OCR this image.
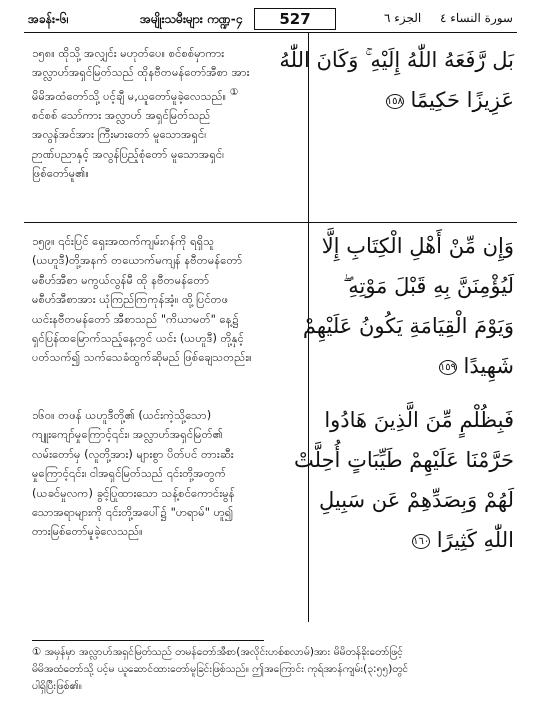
အခန်း-၆၊	အမျိုးသမီးများ ကဏ္ဍ-၄	527	الجزء ٦ سورة النساء ٤

၁၅၈။ ထိုသို့ အလျှင်း မဟုတ်ပေ။ စင်စစ်မှာကား

အလ္လာဟ်အရှင်မြတ်သည် ထိုနဗီတမန်တော်အီစာ အား

မိမိအထံတော်သို့ ပင့်ချီ မ,ယူတော်မူခဲ့လေသည်။ ①

စင်စစ် သော်ကား အလ္လာဟ် အရှင်မြတ်သည်

အလွန်အင်အား ကြီးမားတော် မူသောအရှင်၊

ဉာဏ်ပညာနှင့် အလွန်ပြည့်စုံတော် မူသောအရှင်၊

ဖြစ်တော်မူ၏။

بَل رَّفَعَهُ اللّٰهُ إِلَيْهِ ۚ وَكَانَ اللّٰهُ

عَزِيزًا حَكِيمًا ١٥٨

၁၅၉။ ၎င်းပြင် ရှေးအထက်ကျမ်းဂန်ကို ရရှိသူ

(ယဟူဒီ)တို့အနက် တယောက်မကျန် နဗီတမန်တော်

မစီဟ်အီစာ မကွယ်လွန်မီ ထို နဗီတမန်တော်

မစီဟ်အီစာအား ယုံကြည်ကြကုန်အံ့။ ထို့ပြင်တဖ

ယင်းနဗီတမန်တော် အီစာသည် "ကိယာမတ်" နေ့၌

ရှင်ပြန်ထမြောက်သည့်နေ့တွင် ယင်း (ယဟူဒီ) တို့နှင့်

ပတ်သက်၍ သက်သေခံထွက်ဆိုမည် ဖြစ်ချေသတည်း။

وَإِن مِّنْ أَهْلِ الْكِتَابِ إِلَّا

لَيُؤْمِنَنَّ بِهِ قَبْلَ مَوْتِهِ ۖ

وَيَوْمَ الْقِيَامَةِ يَكُونُ عَلَيْهِمْ

شَهِيدًا ١٥٩

၁၆၀။ တဖန် ယဟူဒီတို့၏ (ယင်းကဲ့သို့သော)

ကျူးကျော်မှုကြောင့်၎င်း၊ အလ္လာဟ်အရှင်မြတ်၏

လမ်းတော်မှ (လူတို့အား) များစွာ ပိတ်ပင် တားဆီး

မှုကြောင့်၎င်း၊ ငါအရှင်မြတ်သည် ၎င်းတို့အတွက်

(ယခင်မှုလက) ခွင့်ပြုထားသော သန့်စင်ကောင်းမွန်

သောအရာများကို ၎င်းတို့အပေါ်၌ "ဟရာမ်" ဟူ၍

တားမြစ်တော်မူခဲ့လေသည်။

فَبِظُلْمٍ مِّنَ الَّذِينَ هَادُوا

حَرَّمْنَا عَلَيْهِمْ طَيِّبَاتٍ أُحِلَّتْ

لَهُمْ وَبِصَدِّهِمْ عَن سَبِيلِ

اللّٰهِ كَثِيرًا ١٦٠

① အမှန်မှာ အလ္လာဟ်အရှင်မြတ်သည် တမန်တော်အီစာ(အလိုင်းဟစ်စလာမ်)အား မိမိတန်ခိုးတော်ဖြင့်

မိမိအထံတော်သို့ ပင့်မ ယူဆောင်ထားတော်မူခြင်းဖြစ်သည်။ ဤအကြောင်း ကုရ်အာန်ကျမ်း(၃:၅၅)တွင်

ပါရှိပြီးဖြစ်၏။
